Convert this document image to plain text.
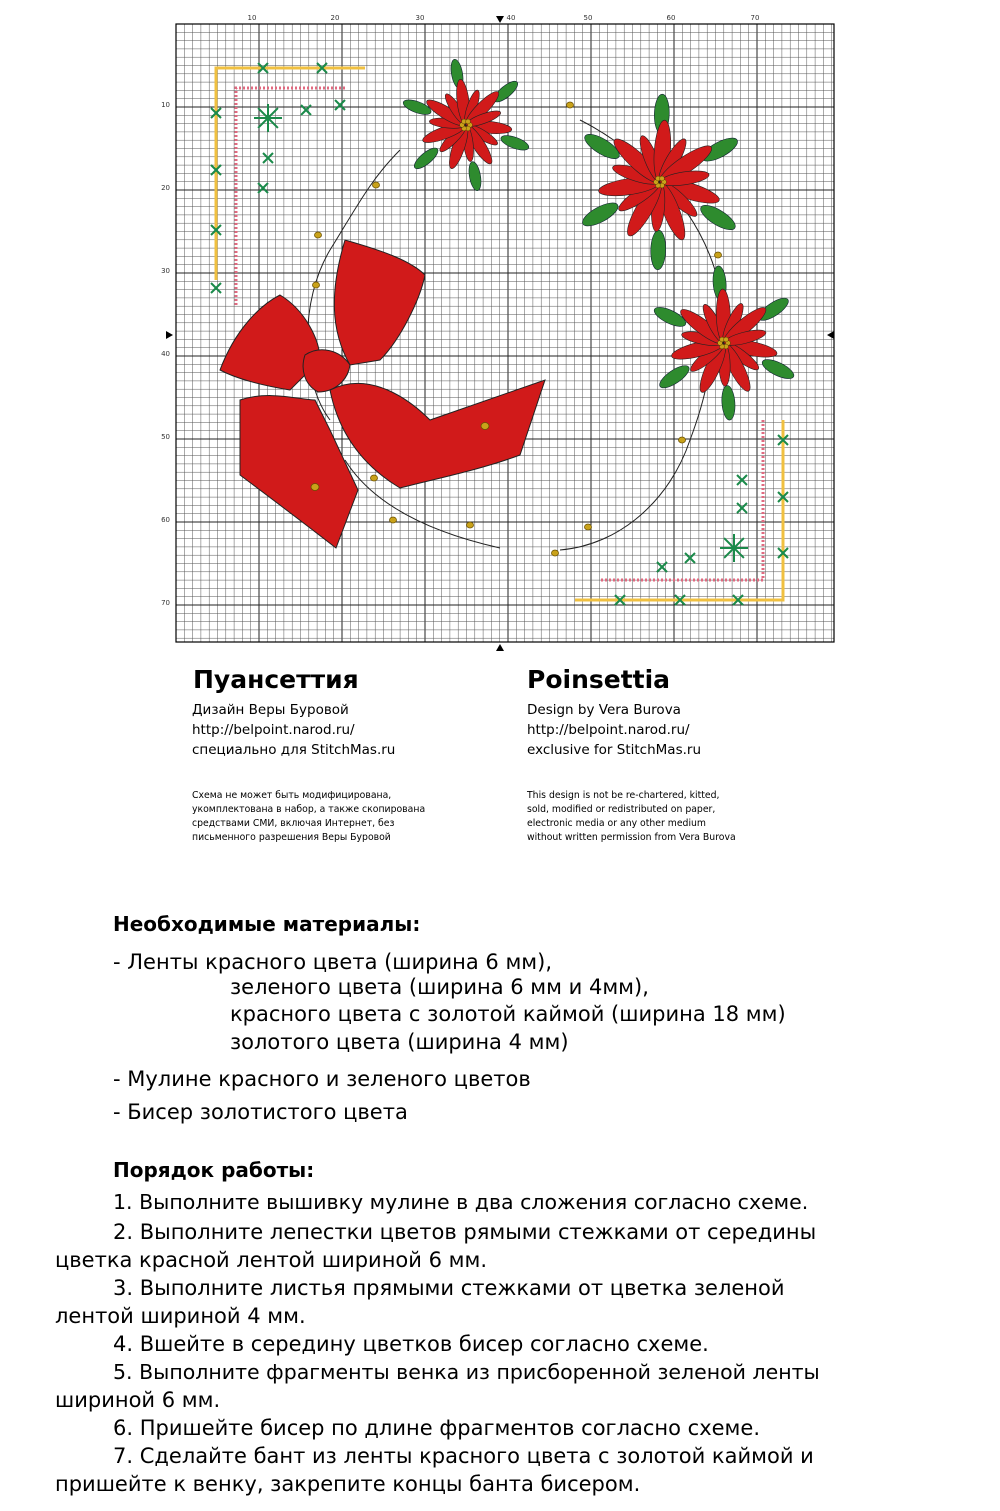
10	20	30	40	50	60	70
10
20
30
40
50
60
70
Пуансеттия	Poinsettia
Дизайн Веры Буровой
http://belpoint.narod.ru/
специально для StitchMas.ru
Design by Vera Burova
http://belpoint.narod.ru/
exclusive for StitchMas.ru
Схема не может быть модифицирована,
укомплектована в набор, а также скопирована
средствами СМИ, включая Интернет, без
письменного разрешения Веры Буровой
This design is not be re-chartered, kitted,
sold, modified or redistributed on paper,
electronic media or any other medium
without written permission from Vera Burova
Необходимые материалы:
- Ленты красного цвета (ширина 6 мм),
зеленого цвета (ширина 6 мм и 4мм),
красного цвета с золотой каймой (ширина 18 мм)
золотого цвета (ширина 4 мм)
- Мулине красного и зеленого цветов
- Бисер золотистого цвета
Порядок работы:
1. Выполните вышивку мулине в два сложения согласно схеме.
2. Выполните лепестки цветов рямыми стежками от середины
цветка красной лентой шириной 6 мм.
3. Выполните листья прямыми стежками от цветка зеленой
лентой шириной 4 мм.
4. Вшейте в середину цветков бисер согласно схеме.
5. Выполните фрагменты венка из присборенной зеленой ленты
шириной 6 мм.
6. Пришейте бисер по длине фрагментов согласно схеме.
7. Сделайте бант из ленты красного цвета с золотой каймой и
пришейте к венку, закрепите концы банта бисером.
